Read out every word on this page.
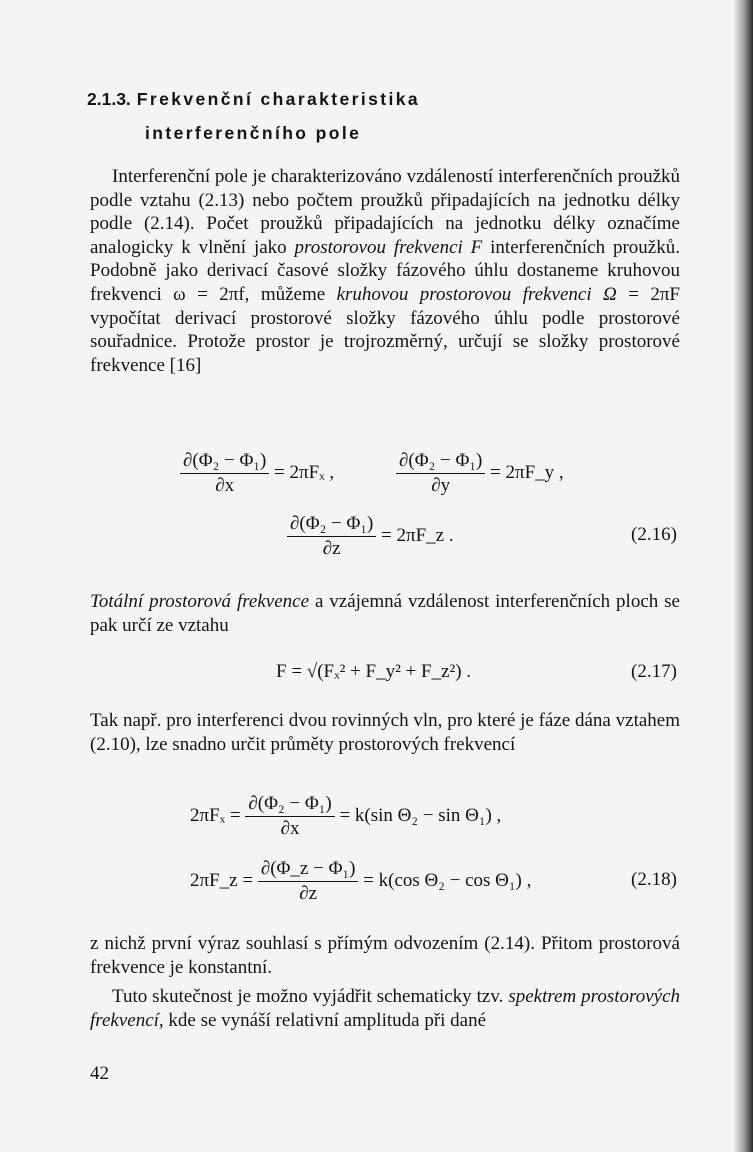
2.1.3. Frekvenční charakteristika
interferenčního pole

Interferenční pole je charakterizováno vzdáleností interferenčních proužků podle vztahu (2.13) nebo počtem proužků připadajících na jednotku délky podle (2.14). Počet proužků připadajících na jednotku délky označíme analogicky k vlnění jako prostorovou frekvenci F interferenčních proužků. Podobně jako derivací časové složky fázového úhlu dostaneme kruhovou frekvenci ω = 2πf, můžeme kruhovou prostorovou frekvenci Ω = 2πF vypočítat derivací prostorové složky fázového úhlu podle prostorové souřadnice. Protože prostor je trojrozměrný, určují se složky prostorové frekvence [16]

$\frac{\text{∂(Φ₂ − Φ₁)}}{\partial x} = 2\pi F_x$ ,	$\frac{\text{∂(Φ₂ − Φ₁)}}{\partial y}$ = 2πF_y ,
$\frac{\text{∂(Φ₂ − Φ₁)}}{\partial z}$ = 2πF_z .	(2.16)

Totální prostorová frekvence a vzájemná vzdálenost interferenčních ploch se pak určí ze vztahu

F = √(Fₓ² + F_y² + F_z²) .	(2.17)

Tak např. pro interferenci dvou rovinných vln, pro které je fáze dána vztahem (2.10), lze snadno určit průměty prostorových frekvencí

$2\pi F_x = \frac{\text{∂(Φ₂ − Φ₁)}}{\partial x} = k(\sin$ Θ₂ − sin Θ₁) ,
2πF_z = $\frac{\text{∂(Φ\_z − Φ₁)}}{\partial z} = k(\cos$ Θ₂ − cos Θ₁) ,	(2.18)

z nichž první výraz souhlasí s přímým odvozením (2.14). Přitom prostorová frekvence je konstantní.

Tuto skutečnost je možno vyjádřit schematicky tzv. spektrem prostorových frekvencí, kde se vynáší relativní amplituda při dané

42
